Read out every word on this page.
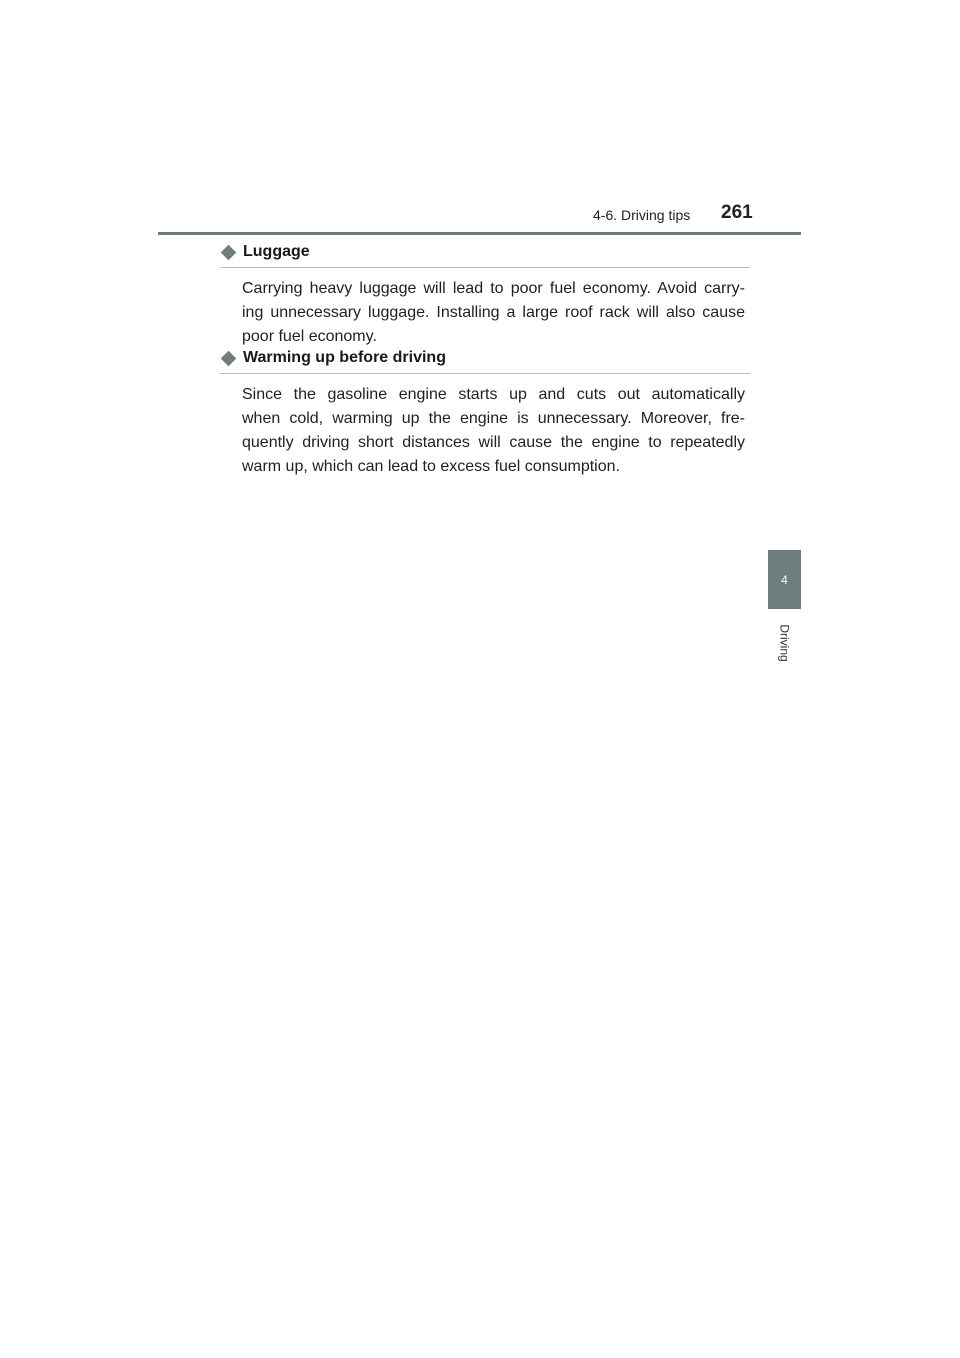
4-6. Driving tips 261
4
Driving
Luggage
Carrying heavy luggage will lead to poor fuel economy. Avoid carry-
ing unnecessary luggage. Installing a large roof rack will also cause
poor fuel economy.
Warming up before driving
Since the gasoline engine starts up and cuts out automatically
when cold, warming up the engine is unnecessary. Moreover, fre-
quently driving short distances will cause the engine to repeatedly
warm up, which can lead to excess fuel consumption.
